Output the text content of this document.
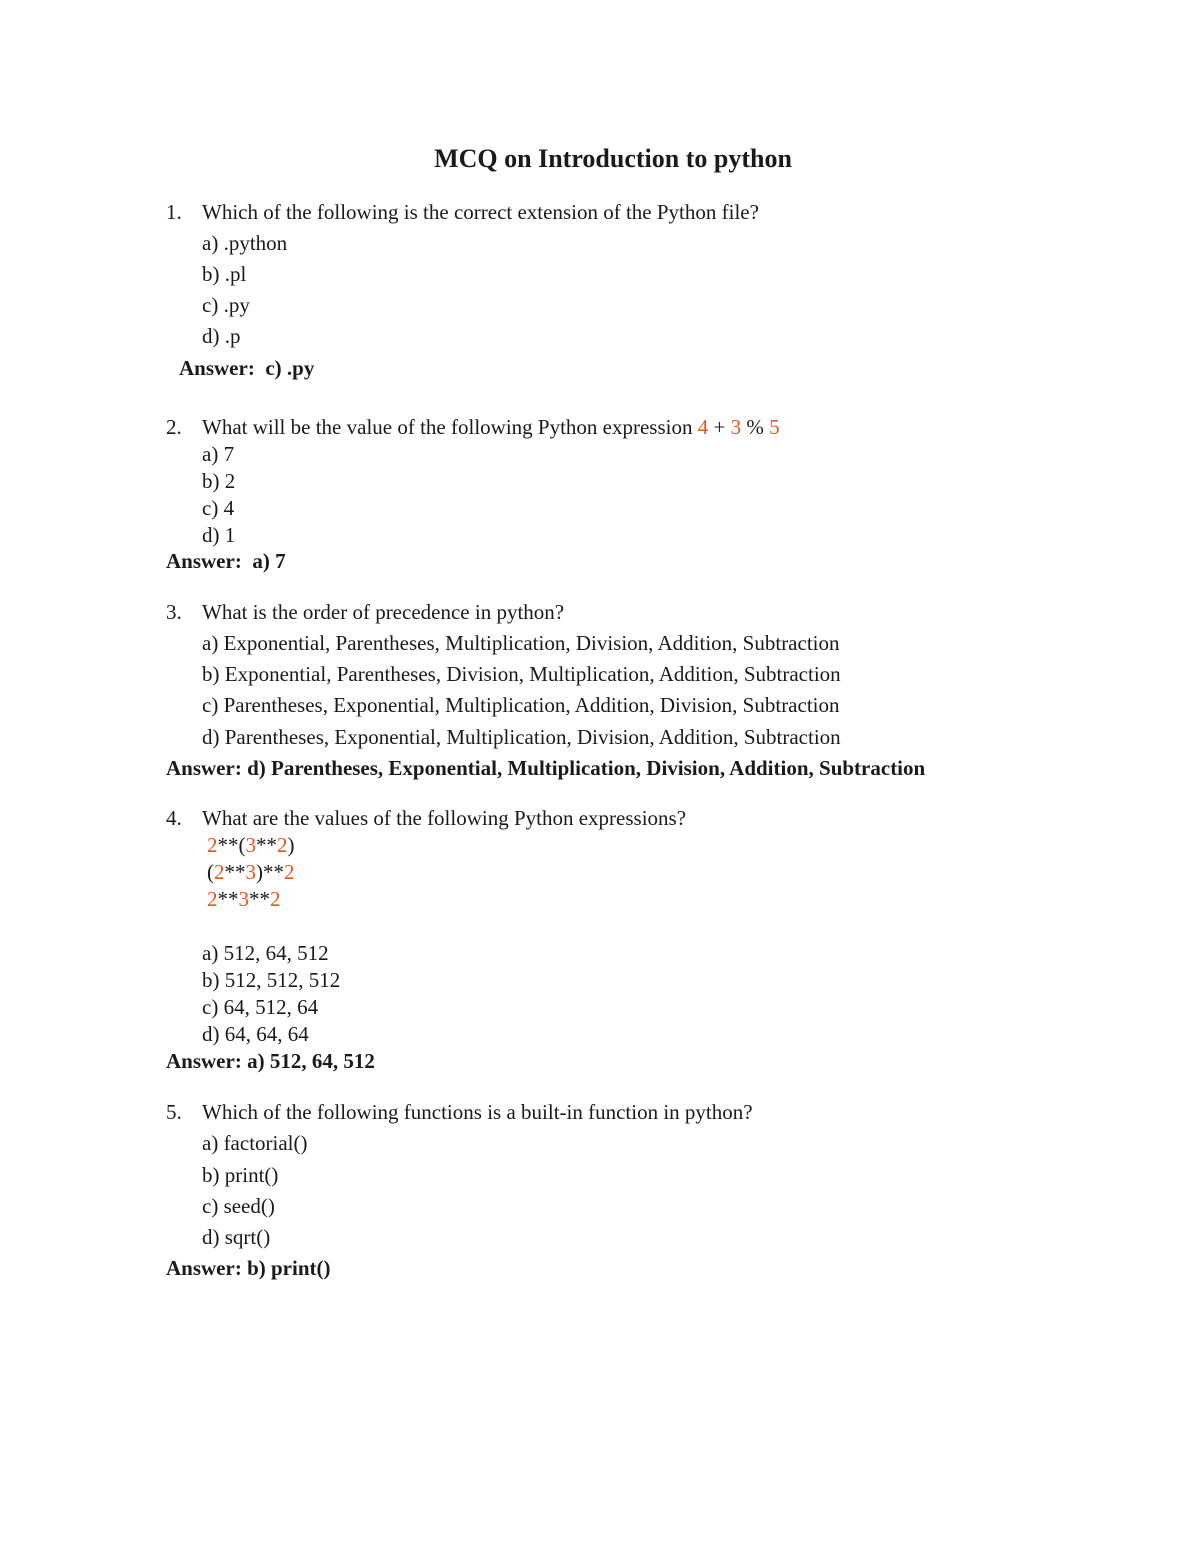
MCQ on Introduction to python
1. Which of the following is the correct extension of the Python file?
a) .python
b) .pl
c) .py
d) .p
Answer: c) .py
2. What will be the value of the following Python expression 4 + 3 % 5
a) 7
b) 2
c) 4
d) 1
Answer: a) 7
3. What is the order of precedence in python?
a) Exponential, Parentheses, Multiplication, Division, Addition, Subtraction
b) Exponential, Parentheses, Division, Multiplication, Addition, Subtraction
c) Parentheses, Exponential, Multiplication, Addition, Division, Subtraction
d) Parentheses, Exponential, Multiplication, Division, Addition, Subtraction
Answer: d) Parentheses, Exponential, Multiplication, Division, Addition, Subtraction
4. What are the values of the following Python expressions?
2**(3**2)
(2**3)**2
2**3**2
a) 512, 64, 512
b) 512, 512, 512
c) 64, 512, 64
d) 64, 64, 64
Answer: a) 512, 64, 512
5. Which of the following functions is a built-in function in python?
a) factorial()
b) print()
c) seed()
d) sqrt()
Answer: b) print()
